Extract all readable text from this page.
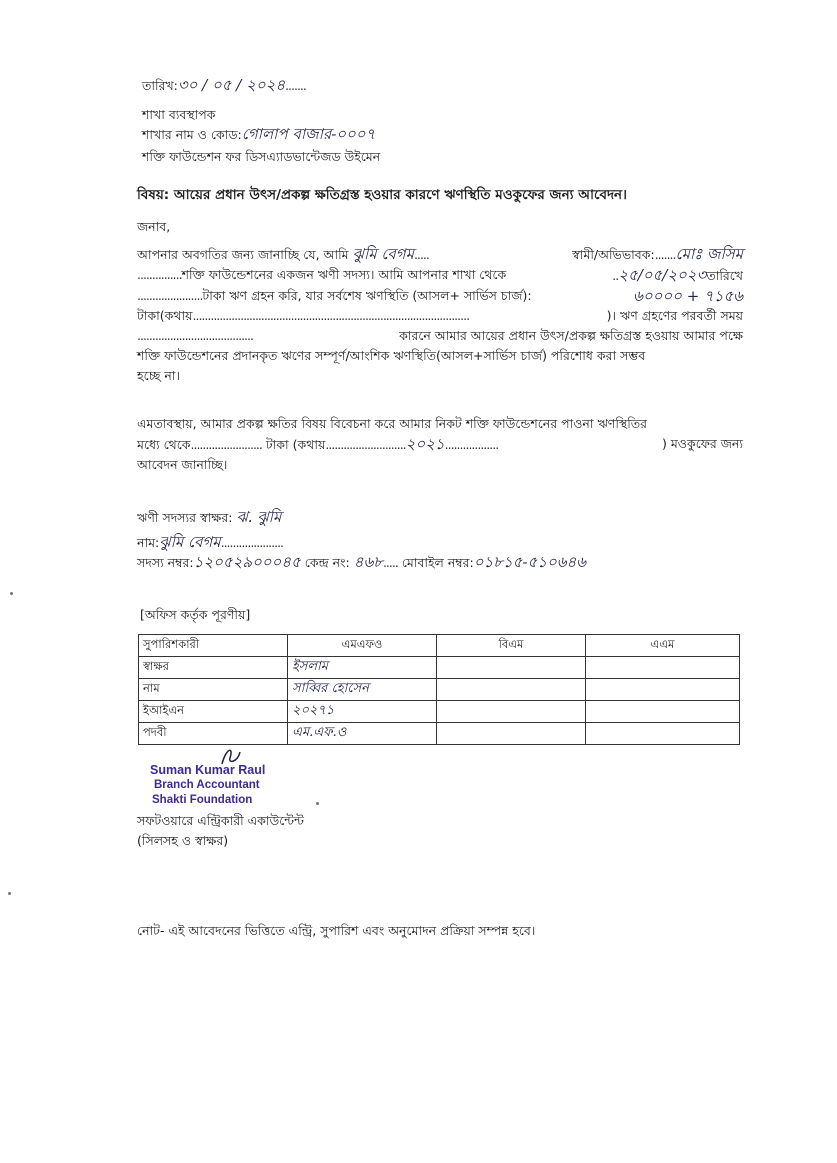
তারিখ:৩০ / ০৫ / ২০২৪.......
শাখা ব্যবস্থাপক
শাখার নাম ও কোড:গোলাপ বাজার-০০০৭
শক্তি ফাউন্ডেশন ফর ডিসএ্যাডভান্টেজড উইমেন
বিষয়: আয়ের প্রধান উৎস/প্রকল্প ক্ষতিগ্রস্ত হওয়ার কারণে ঋণস্থিতি মওকুফের জন্য আবেদন।
জনাব,
আপনার অবগতির জন্য জানাচ্ছি যে, আমি ঝুমি বেগম.....	স্বামী/অভিভাবক:.......মোঃ জসিম
...............শক্তি ফাউন্ডেশনের একজন ঋণী সদস্য। আমি আপনার শাখা থেকে	..২৫/০৫/২০২৩তারিখে
......................টাকা ঋণ গ্রহন করি, যার সর্বশেষ ঋণস্থিতি (আসল+ সার্ভিস চার্জ):	৬০০০০ + ৭১৫৬
টাকা(কথায়.............................................................................................	)। ঋণ গ্রহণের পরবর্তী সময়
.......................................	কারনে আমার আয়ের প্রধান উৎস/প্রকল্প ক্ষতিগ্রস্ত হওয়ায় আমার পক্ষে
শক্তি ফাউন্ডেশনের প্রদানকৃত ঋণের সম্পূর্ণ/আংশিক ঋণস্থিতি(আসল+সার্ভিস চার্জ) পরিশোধ করা সম্ভব
হচ্ছে না।
এমতাবস্থায়, আমার প্রকল্প ক্ষতির বিষয় বিবেচনা করে আমার নিকট শক্তি ফাউন্ডেশনের পাওনা ঋণস্থিতির
মধ্যে থেকে........................ টাকা (কথায়...........................২০২১..................	) মওকুফের জন্য
আবেদন জানাচ্ছি।
ঋণী সদস্যর স্বাক্ষর: ঝ. ঝুমি
নাম:ঝুমি বেগম.....................
সদস্য নম্বর:১২০৫২৯০০০৪৫ কেন্দ্র নং: ৪৬৮..... মোবাইল নম্বর:০১৮১৫-৫১০৬৪৬
[অফিস কর্তৃক পূরণীয়]
সুপারিশকারী	এমএফও	বিএম	এএম
স্বাক্ষর	ইসলাম		
নাম	সাব্বির হোসেন		
ইআইএন	২০২৭১		
পদবী	এম.এফ.ও		
Suman Kumar Raul
Branch Accountant
Shakti Foundation
সফটওয়ারে এন্ট্রিকারী একাউন্টেন্ট
(সিলসহ ও স্বাক্ষর)
নোট- এই আবেদনের ভিত্তিতে এন্ট্রি, সুপারিশ এবং অনুমোদন প্রক্রিয়া সম্পন্ন হবে।
